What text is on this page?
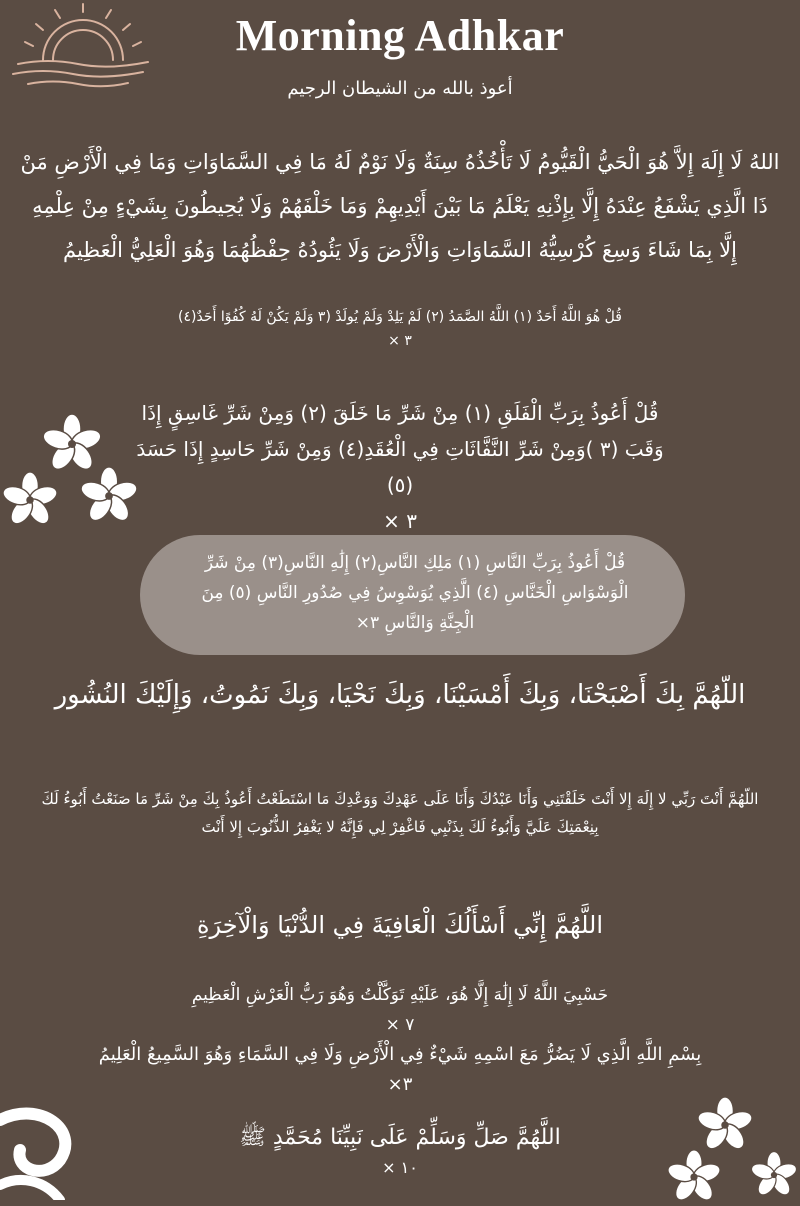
Morning Adhkar
أعوذ بالله من الشيطان الرجيم
اللهُ لَا إِلَهَ إِلاَّ هُوَ الْحَيُّ الْقَيُّومُ لَا تَأْخُذُهُ سِنَةٌ وَلَا نَوْمٌ لَهُ مَا فِي السَّمَاوَاتِ وَمَا فِي الْأَرْضِ مَنْ ذَا الَّذِي يَشْفَعُ عِنْدَهُ إِلَّا بِإِذْنِهِ يَعْلَمُ مَا بَيْنَ أَيْدِيهِمْ وَمَا خَلْفَهُمْ وَلَا يُحِيطُونَ بِشَيْءٍ مِنْ عِلْمِهِ إِلَّا بِمَا شَاءَ وَسِعَ كُرْسِيُّهُ السَّمَاوَاتِ وَالْأَرْضَ وَلَا يَئُودُهُ حِفْظُهُمَا وَهُوَ الْعَلِيُّ الْعَظِيمُ
قُلْ هُوَ اللَّهُ أَحَدٌ (١) اللَّهُ الصَّمَدُ (٢) لَمْ يَلِدْ وَلَمْ يُولَدْ (٣ وَلَمْ يَكُنْ لَهُ كُفُوًا أَحَدٌ(٤)
٣ ×
قُلْ أَعُوذُ بِرَبِّ الْفَلَقِ (١) مِنْ شَرِّ مَا خَلَقَ (٢) وَمِنْ شَرِّ غَاسِقٍ إِذَا وَقَبَ (٣ )وَمِنْ شَرِّ النَّفَّاثَاتِ فِي الْعُقَدِ(٤) وَمِنْ شَرِّ حَاسِدٍ إِذَا حَسَدَ (٥)
٣ ×
قُلْ أَعُوذُ بِرَبِّ النَّاسِ (١) مَلِكِ النَّاسِ(٢) إِلَٰهِ النَّاسِ(٣) مِنْ شَرِّ الْوَسْوَاسِ الْخَنَّاسِ (٤) الَّذِي يُوَسْوِسُ فِي صُدُورِ النَّاسِ (٥) مِنَ الْجِنَّةِ وَالنَّاسِ ٣×
اللّهُمَّ بِكَ أَصْبَحْنَا، وَبِكَ أَمْسَيْنَا، وَبِكَ نَحْيَا، وَبِكَ نَمُوتُ، وَإِلَيْكَ النُشُور
اللّهُمَّ أَنْتَ رَبِّي لا إِلَهَ إِلا أَنْتَ خَلَقْتَنِي وَأَنَا عَبْدُكَ وَأَنَا عَلَى عَهْدِكَ وَوَعْدِكَ مَا اسْتَطَعْتُ أَعُوذُ بِكَ مِنْ شَرِّ مَا صَنَعْتُ أَبُوءُ لَكَ بِنِعْمَتِكَ عَلَيَّ وَأَبُوءُ لَكَ بِذَنْبِي فَاغْفِرْ لِي فَإِنَّهُ لا يَغْفِرُ الذُّنُوبَ إِلا أَنْتَ
اللَّهُمَّ إِنِّي أَسْأَلُكَ الْعَافِيَةَ فِي الدُّنْيَا وَالْآخِرَةِ
حَسْبِيَ اللَّهُ لَا إِلَٰهَ إِلَّا هُوَ، عَلَيْهِ تَوَكَّلْتُ وَهُوَ رَبُّ الْعَرْشِ الْعَظِيمِ
٧ ×
بِسْمِ اللَّهِ الَّذِي لَا يَضُرُّ مَعَ اسْمِهِ شَيْءٌ فِي الْأَرْضِ وَلَا فِي السَّمَاءِ وَهُوَ السَّمِيعُ الْعَلِيمُ
٣×
اللَّهُمَّ صَلِّ وَسَلِّمْ عَلَى نَبِيِّنَا مُحَمَّدٍ ﷺ
١٠ ×
